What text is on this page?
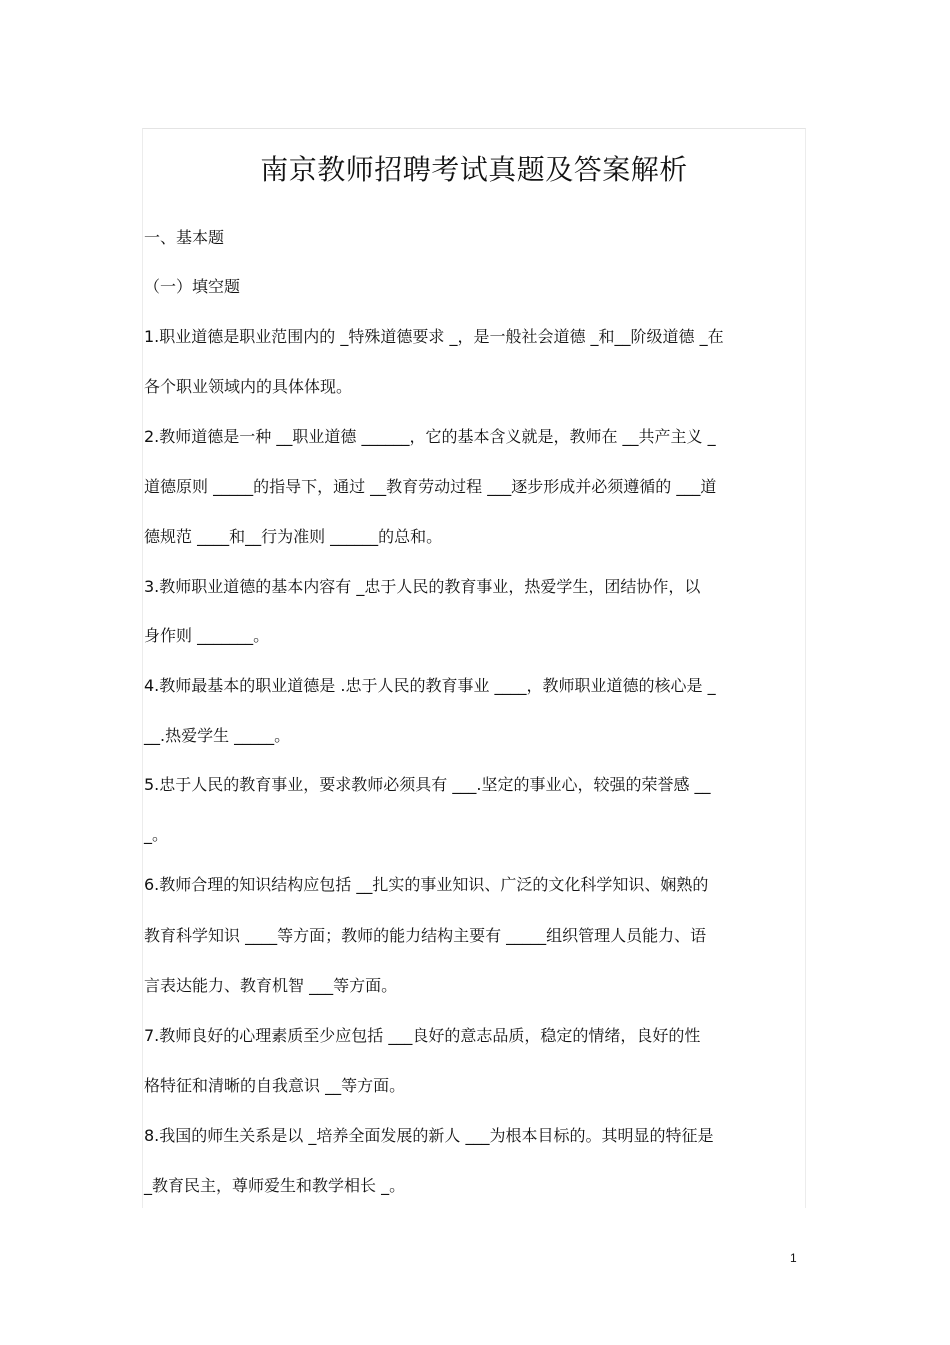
南京教师招聘考试真题及答案解析
一、基本题
（一）填空题
1.职业道德是职业范围内的 _特殊道德要求 _，是一般社会道德 _和__阶级道德 _在
各个职业领域内的具体体现。
2.教师道德是一种 __职业道德 ______，它的基本含义就是，教师在 __共产主义 _
道德原则 _____的指导下，通过 __教育劳动过程 ___逐步形成并必须遵循的 ___道
德规范 ____和__行为准则 ______的总和。
3.教师职业道德的基本内容有 _忠于人民的教育事业，热爱学生，团结协作，以
身作则 _______。
4.教师最基本的职业道德是 .忠于人民的教育事业 ____，教师职业道德的核心是 _
__.热爱学生 _____。
5.忠于人民的教育事业，要求教师必须具有 ___.坚定的事业心，较强的荣誉感 __
_。
6.教师合理的知识结构应包括 __扎实的事业知识、广泛的文化科学知识、娴熟的
教育科学知识 ____等方面；教师的能力结构主要有 _____组织管理人员能力、语
言表达能力、教育机智 ___等方面。
7.教师良好的心理素质至少应包括 ___良好的意志品质，稳定的情绪，良好的性
格特征和清晰的自我意识 __等方面。
8.我国的师生关系是以 _培养全面发展的新人 ___为根本目标的。其明显的特征是
_教育民主，尊师爱生和教学相长 _。
1
